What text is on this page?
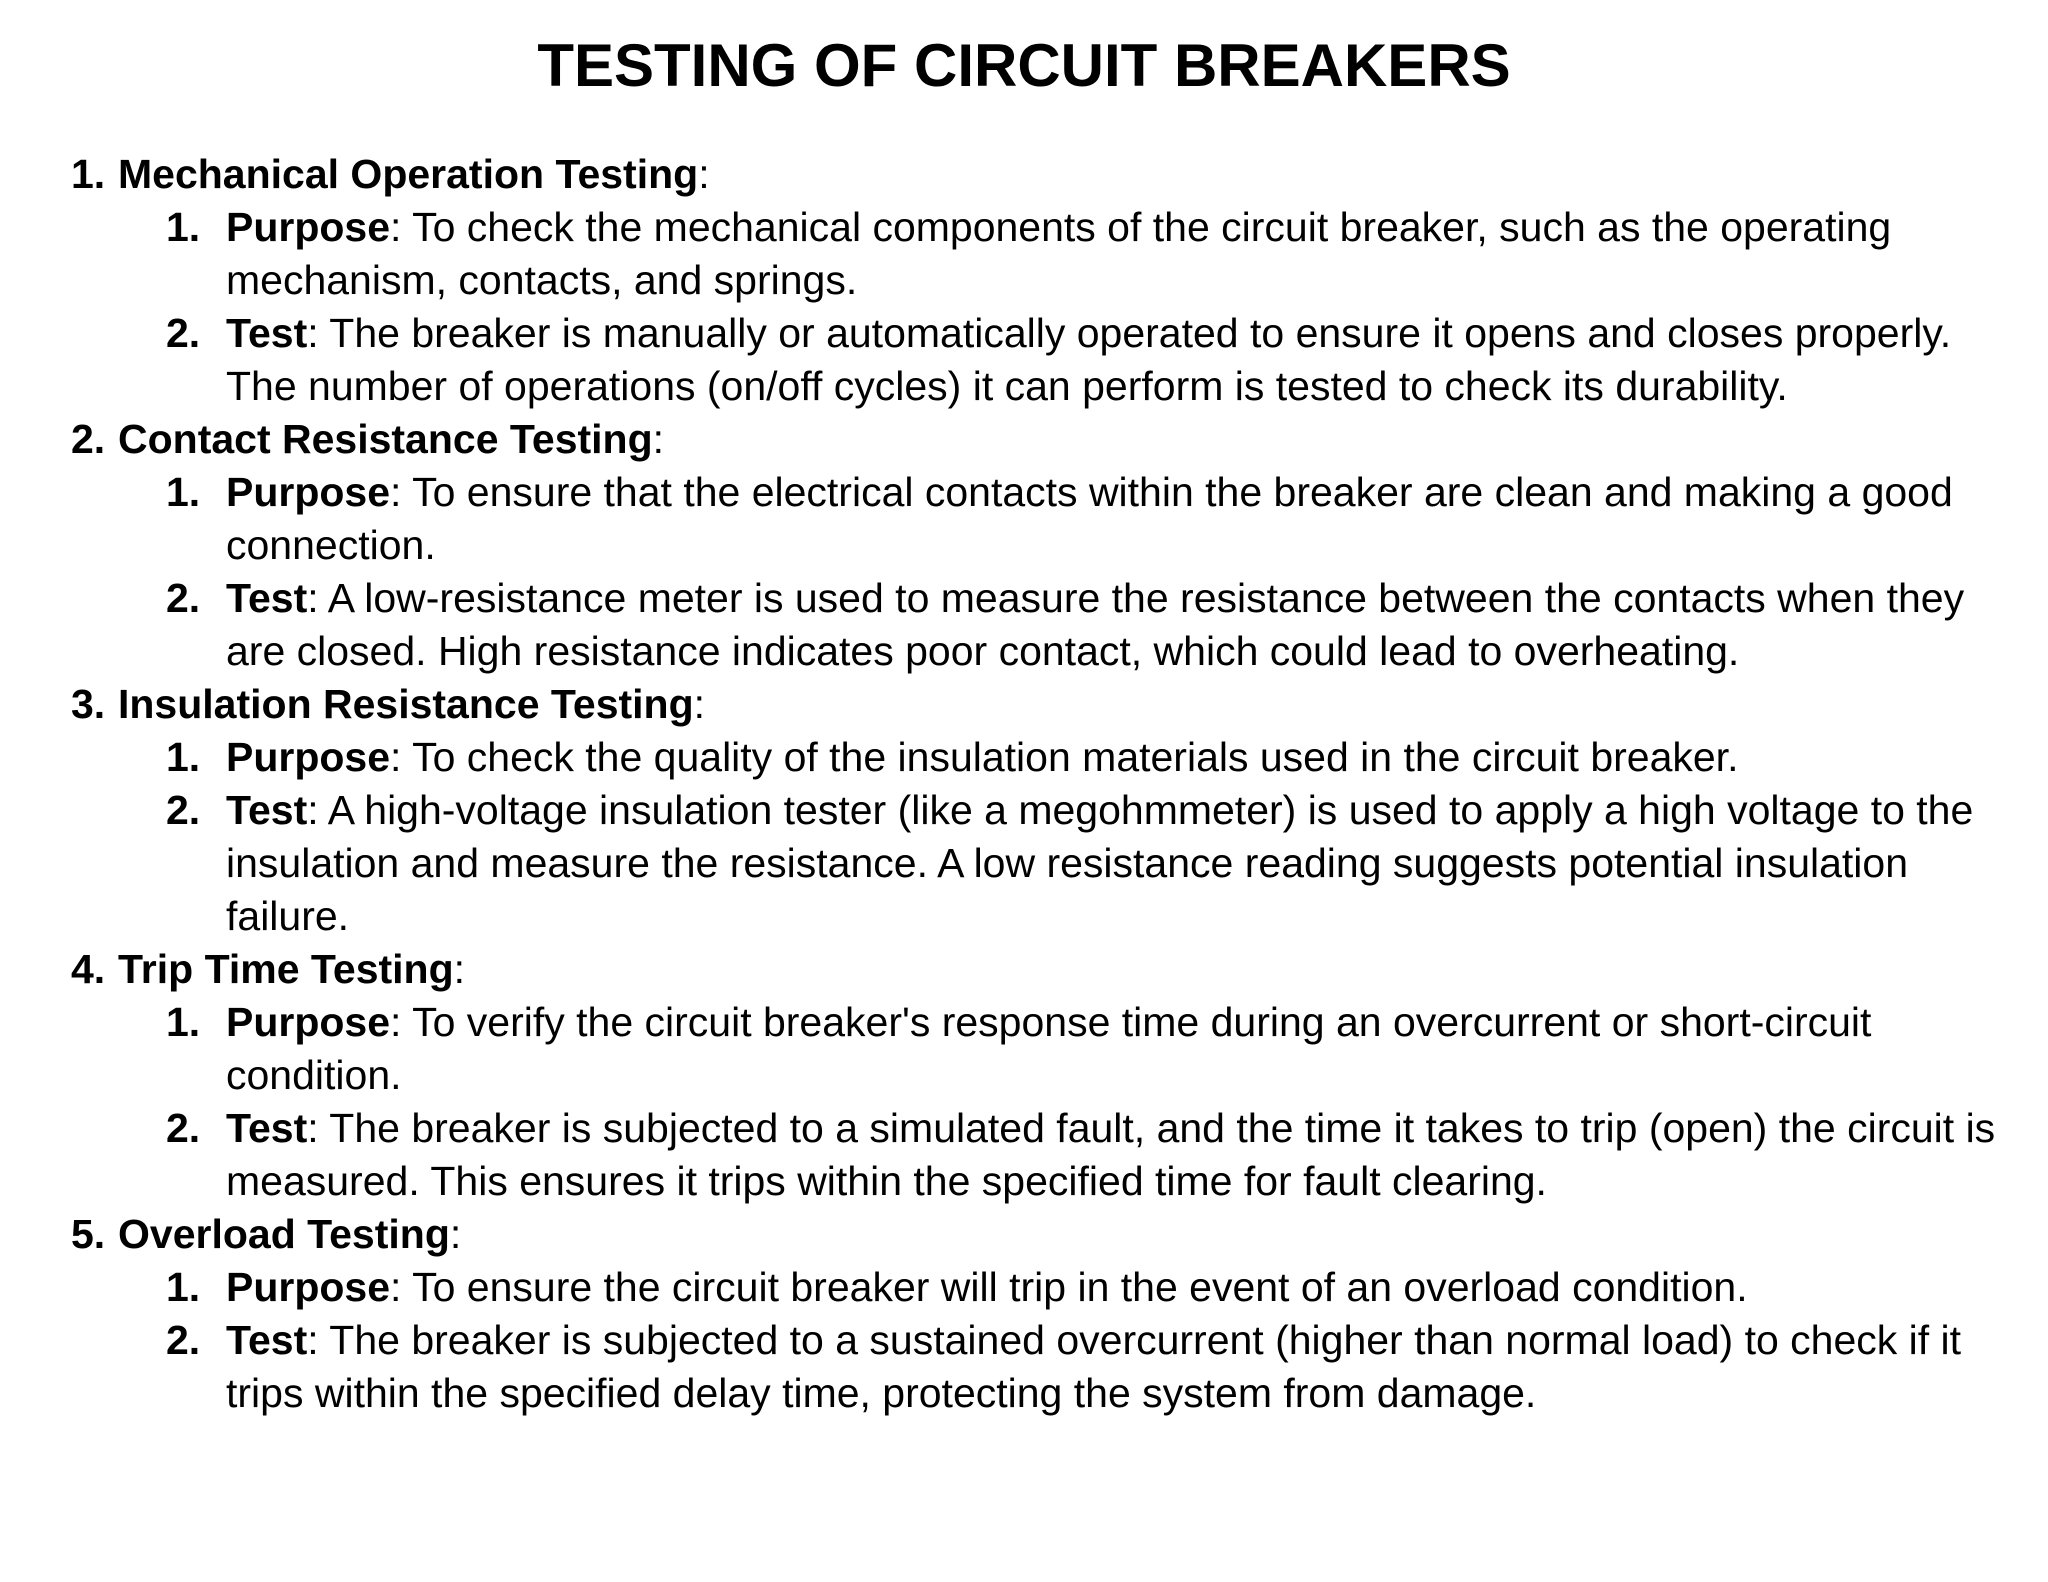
TESTING OF CIRCUIT BREAKERS
1. Mechanical Operation Testing:
1. Purpose: To check the mechanical components of the circuit breaker, such as the operating mechanism, contacts, and springs.
2. Test: The breaker is manually or automatically operated to ensure it opens and closes properly. The number of operations (on/off cycles) it can perform is tested to check its durability.
2. Contact Resistance Testing:
1. Purpose: To ensure that the electrical contacts within the breaker are clean and making a good connection.
2. Test: A low-resistance meter is used to measure the resistance between the contacts when they are closed. High resistance indicates poor contact, which could lead to overheating.
3. Insulation Resistance Testing:
1. Purpose: To check the quality of the insulation materials used in the circuit breaker.
2. Test: A high-voltage insulation tester (like a megohmmeter) is used to apply a high voltage to the insulation and measure the resistance. A low resistance reading suggests potential insulation failure.
4. Trip Time Testing:
1. Purpose: To verify the circuit breaker's response time during an overcurrent or short-circuit condition.
2. Test: The breaker is subjected to a simulated fault, and the time it takes to trip (open) the circuit is measured. This ensures it trips within the specified time for fault clearing.
5. Overload Testing:
1. Purpose: To ensure the circuit breaker will trip in the event of an overload condition.
2. Test: The breaker is subjected to a sustained overcurrent (higher than normal load) to check if it trips within the specified delay time, protecting the system from damage.
